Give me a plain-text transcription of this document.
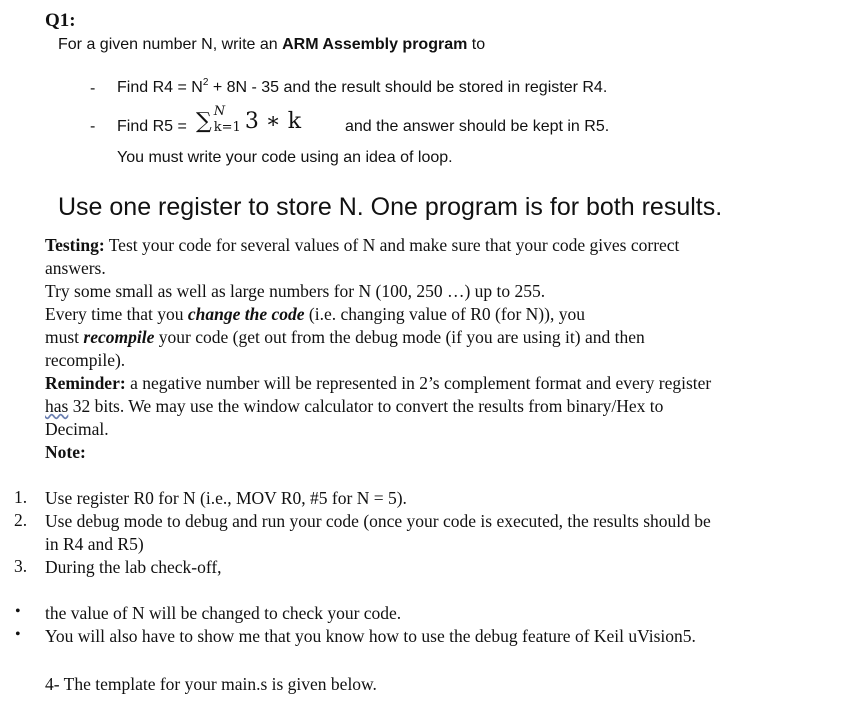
Q1:
For a given number N, write an ARM Assembly program to
- Find $R4 = N^2 + 8N - 35$ and the result should be stored in register R4.
- Find R5 = ∑ N
k=1 3 ∗ k	and the answer should be kept in R5.
You must write your code using an idea of loop.
Use one register to store N. One program is for both results.
Testing: Test your code for several values of N and make sure that your code gives correct
answers.
Try some small as well as large numbers for N (100, 250 …) up to 255.
Every time that you change the code (i.e. changing value of R0 (for N)), you
must recompile your code (get out from the debug mode (if you are using it) and then
recompile).
Reminder: a negative number will be represented in 2’s complement format and every register
has 32 bits. We may use the window calculator to convert the results from binary/Hex to
Decimal.
Note:
1. Use register R0 for N (i.e., MOV R0, #5 for N = 5).
2. Use debug mode to debug and run your code (once your code is executed, the results should be
in R4 and R5)
3. During the lab check-off,
• the value of N will be changed to check your code.
• You will also have to show me that you know how to use the debug feature of Keil uVision5.
4- The template for your main.s is given below.
